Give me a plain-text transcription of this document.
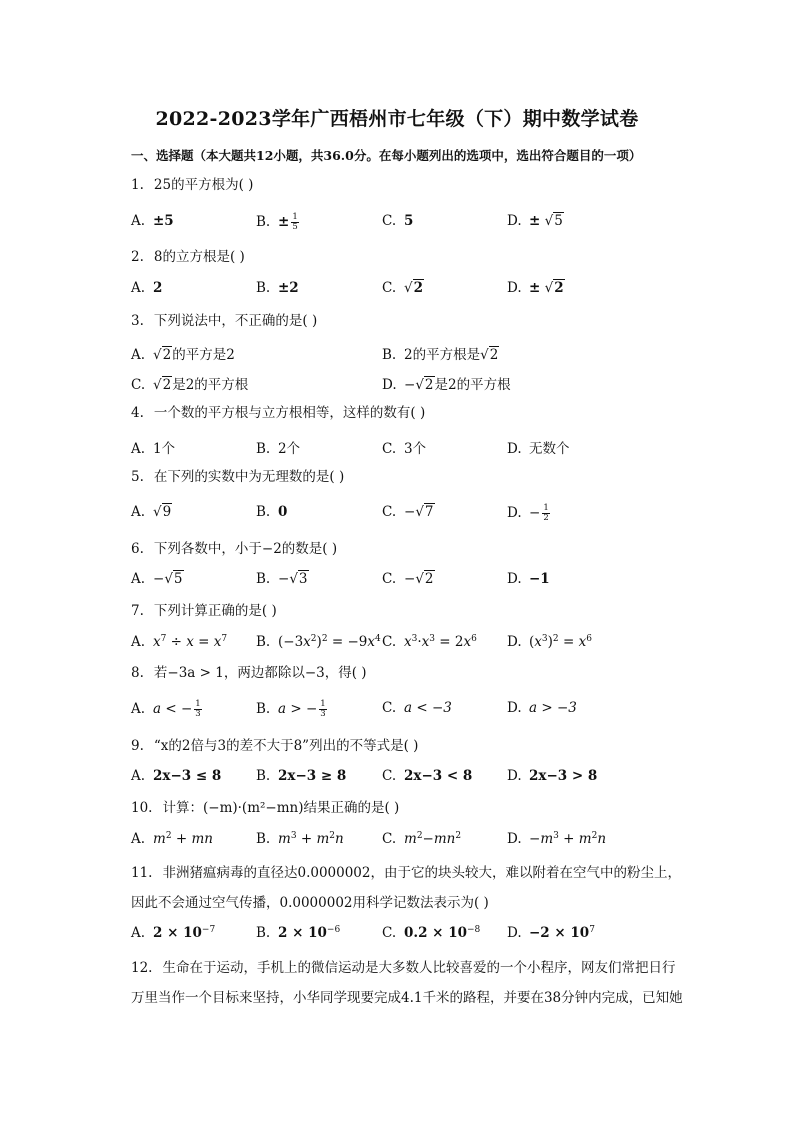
2022-2023学年广西梧州市七年级（下）期中数学试卷
一、选择题（本大题共12小题，共36.0分。在每小题列出的选项中，选出符合题目的一项）
1. 25的平方根为( )
A. ±5	B. ± $\frac{1}{5}$	C. 5	D. ± √5
2. 8的立方根是( )
A. 2	B. ±2	C. √2	D. ± √2
3. 下列说法中，不正确的是( )
A. √2的平方是2	B. 2的平方根是√2
C. √2是2的平方根	D. −√2是2的平方根
4. 一个数的平方根与立方根相等，这样的数有( )
A. 1个	B. 2个	C. 3个	D. 无数个
5. 在下列的实数中为无理数的是( )
A. √9	B. 0	C. −√7	D. − $\frac{1}{2}$
6. 下列各数中，小于−2的数是( )
A. −√5	B. −√3	C. −√2	D. −1
7. 下列计算正确的是( )
A. $x^7 \div x = x^7$ B. $(-3x^2)^2 = -9x^4$ C. $x^3\cdot x^3 = 2x^6$ D. $(x^3)^2 = x^6$
8. 若−3a > 1，两边都除以−3，得( )
A. a < − $\frac{1}{3}$	B. a > − $\frac{1}{3}$	C. a < −3	D. a > −3
9. “x的2倍与3的差不大于8”列出的不等式是( )
A. 2x−3 ≤ 8	B. 2x−3 ≥ 8	C. 2x−3 < 8	D. 2x−3 > 8
10. 计算：(−m)·(m²−mn)结果正确的是( )
A. $m^2$ + mn	B. $m^3 + m^2n$	C. $m^2-mn^2$	D. $-m^3 + m^2n$
11. 非洲猪瘟病毒的直径达0.0000002，由于它的块头较大，难以附着在空气中的粉尘上，
因此不会通过空气传播，0.0000002用科学记数法表示为( )
A. $2 \times 10^{-7}$	B. $2 \times 10^{-6}$	C. $0.2 \times 10^{-8}$ D. $-2 \times 10^7$
12. 生命在于运动，手机上的微信运动是大多数人比较喜爱的一个小程序，网友们常把日行
万里当作一个目标来坚持，小华同学现要完成4.1千米的路程，并要在38分钟内完成，已知她
